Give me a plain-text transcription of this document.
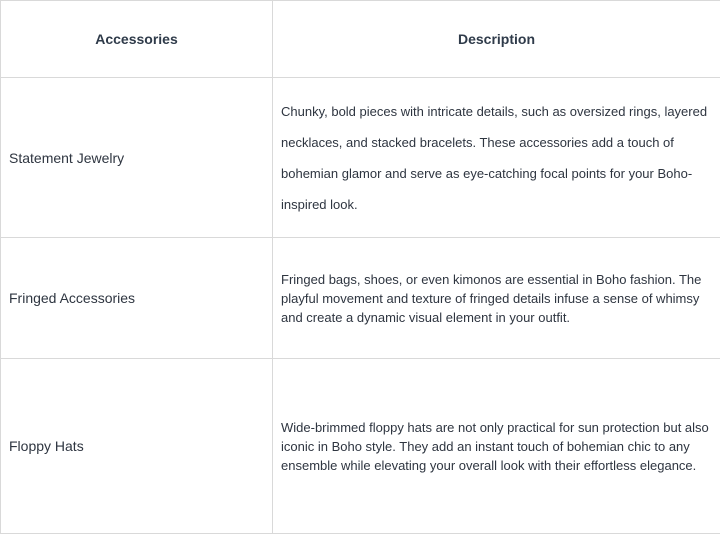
Accessories	Description
Statement Jewelry	Chunky, bold pieces with intricate details, such as oversized rings, layered necklaces, and stacked bracelets. These accessories add a touch of bohemian glamor and serve as eye-catching focal points for your Boho-inspired look.

Fringed Accessories	Fringed bags, shoes, or even kimonos are essential in Boho fashion. The playful movement and texture of fringed details infuse a sense of whimsy and create a dynamic visual element in your outfit.

Floppy Hats	Wide-brimmed floppy hats are not only practical for sun protection but also iconic in Boho style. They add an instant touch of bohemian chic to any ensemble while elevating your overall look with their effortless elegance.
